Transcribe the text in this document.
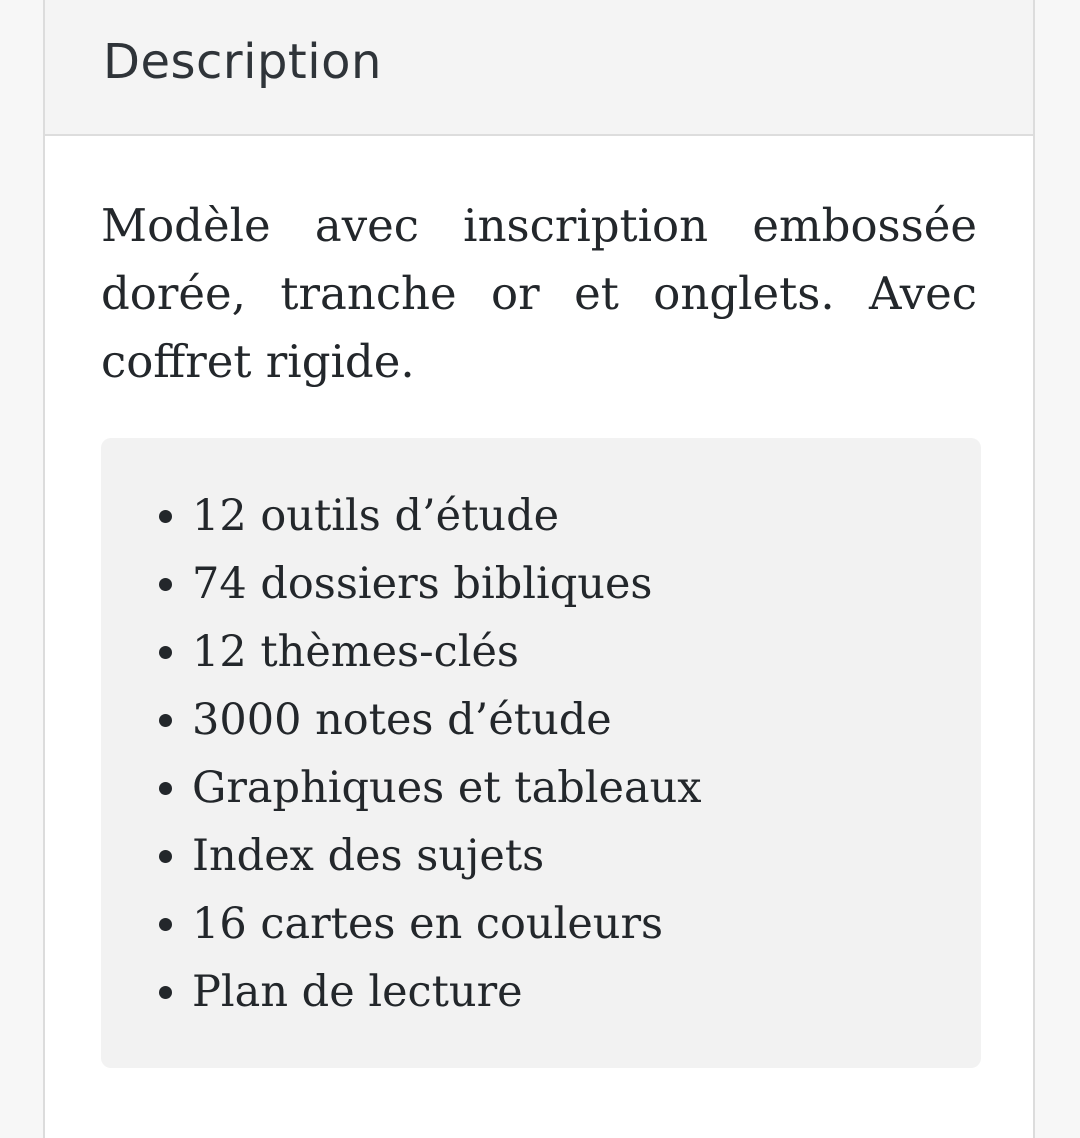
Description

Modèle avec inscription embossée dorée, tranche or et onglets. Avec coffret rigide.

• 12 outils d’étude
• 74 dossiers bibliques
• 12 thèmes-clés
• 3000 notes d’étude
• Graphiques et tableaux
• Index des sujets
• 16 cartes en couleurs
• Plan de lecture
